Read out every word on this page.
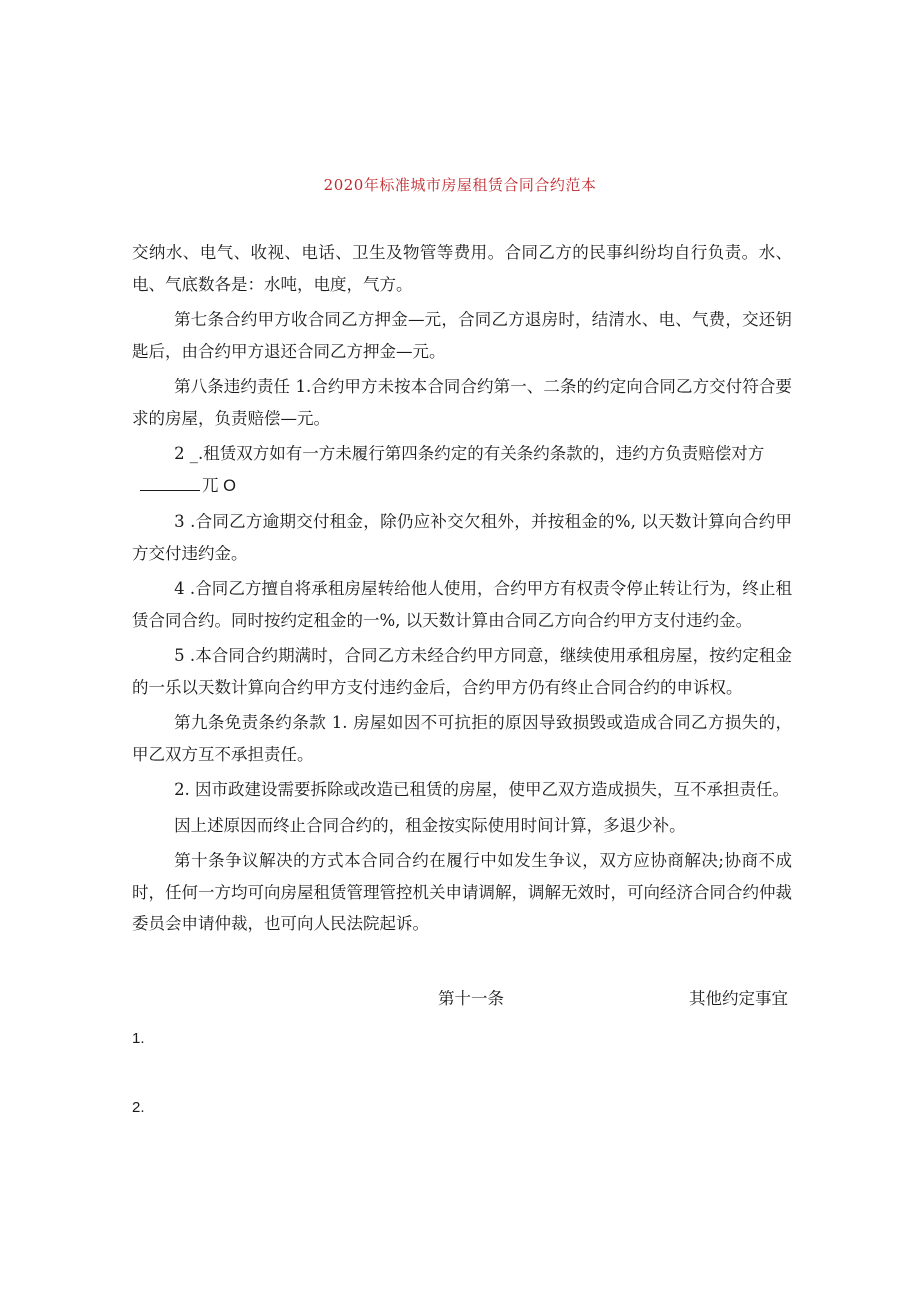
2020年标准城市房屋租赁合同合约范本

交纳水、电气、收视、电话、卫生及物管等费用。合同乙方的民事纠纷均自行负责。水、电、气底数各是：水吨，电度，气方。

第七条合约甲方收合同乙方押金—元，合同乙方退房时，结清水、电、气费，交还钥匙后，由合约甲方退还合同乙方押金—元。

第八条违约责任 1.合约甲方未按本合同合约第一、二条的约定向合同乙方交付符合要求的房屋，负责赔偿—元。

2 _.租赁双方如有一方未履行第四条约定的有关条约条款的，违约方负责赔偿对方
兀 O

3 .合同乙方逾期交付租金，除仍应补交欠租外，并按租金的%, 以天数计算向合约甲方交付违约金。

4 .合同乙方擅自将承租房屋转给他人使用，合约甲方有权责令停止转让行为，终止租赁合同合约。同时按约定租金的一%, 以天数计算由合同乙方向合约甲方支付违约金。

5 .本合同合约期满时，合同乙方未经合约甲方同意，继续使用承租房屋，按约定租金的一乐以天数计算向合约甲方支付违约金后，合约甲方仍有终止合同合约的申诉权。

第九条免责条约条款 1. 房屋如因不可抗拒的原因导致损毁或造成合同乙方损失的，甲乙双方互不承担责任。

2. 因市政建设需要拆除或改造已租赁的房屋，使甲乙双方造成损失，互不承担责任。

因上述原因而终止合同合约的，租金按实际使用时间计算，多退少补。

第十条争议解决的方式本合同合约在履行中如发生争议，双方应协商解决;协商不成时，任何一方均可向房屋租赁管理管控机关申请调解，调解无效时，可向经济合同合约仲裁委员会申请仲裁，也可向人民法院起诉。

第十一条	其他约定事宜
1.
2.
